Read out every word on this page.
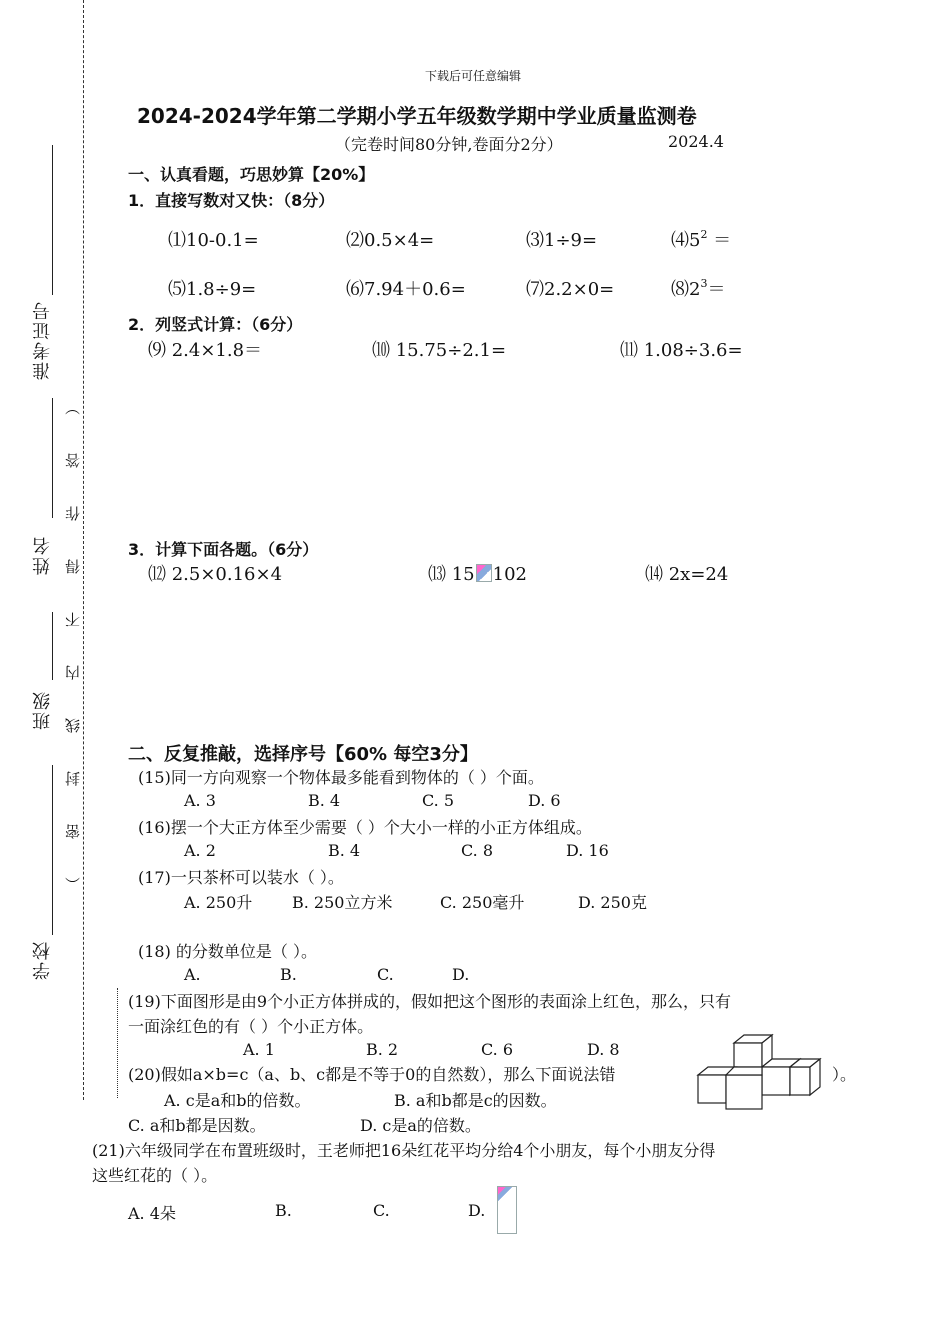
准考证号
姓名
班级
学校
（密封线内不得作答）
下载后可任意编辑
2024-2024学年第二学期小学五年级数学期中学业质量监测卷
（完卷时间80分钟,卷面分2分）	2024.4
一、认真看题，巧思妙算【20%】
1．直接写数对又快：（8分）
⑴10-0.1=	⑵0.5×4=	⑶1÷9=	$⑷5^2$ ＝
⑸1.8÷9=	⑹7.94＋0.6=	⑺2.2×0=	$⑻2^3=$
2．列竖式计算：（6分）
⑼ 2.4×1.8＝	⑽ 15.75÷2.1=	⑾ 1.08÷3.6=
3．计算下面各题。（6分）
⑿ 2.5×0.16×4	⒀ 15 102	⒁ 2x=24
二、反复推敲，选择序号【60% 每空3分】
(15)同一方向观察一个物体最多能看到物体的（ ）个面。
A. 3	B. 4	C. 5	D. 6
(16)摆一个大正方体至少需要（ ）个大小一样的小正方体组成。
A. 2	B. 4	C. 8	D. 16
(17)一只茶杯可以装水（ ）。
A. 250升 B. 250立方米	C. 250毫升	D. 250克
(18) 的分数单位是（ ）。
A.	B.	C.	D.
(19)下面图形是由9个小正方体拼成的，假如把这个图形的表面涂上红色，那么，只有
一面涂红色的有（ ）个小正方体。
A. 1	B. 2	C. 6	D. 8
(20)假如a×b=c（a、b、c都是不等于0的自然数），那么下面说法错	）。
A. c是a和b的倍数。	B. a和b都是c的因数。
C. a和b都是因数。	D. c是a的倍数。
(21)六年级同学在布置班级时，王老师把16朵红花平均分给4个小朋友，每个小朋友分得
这些红花的（ ）。
A. 4朵	B.	C.	D.
